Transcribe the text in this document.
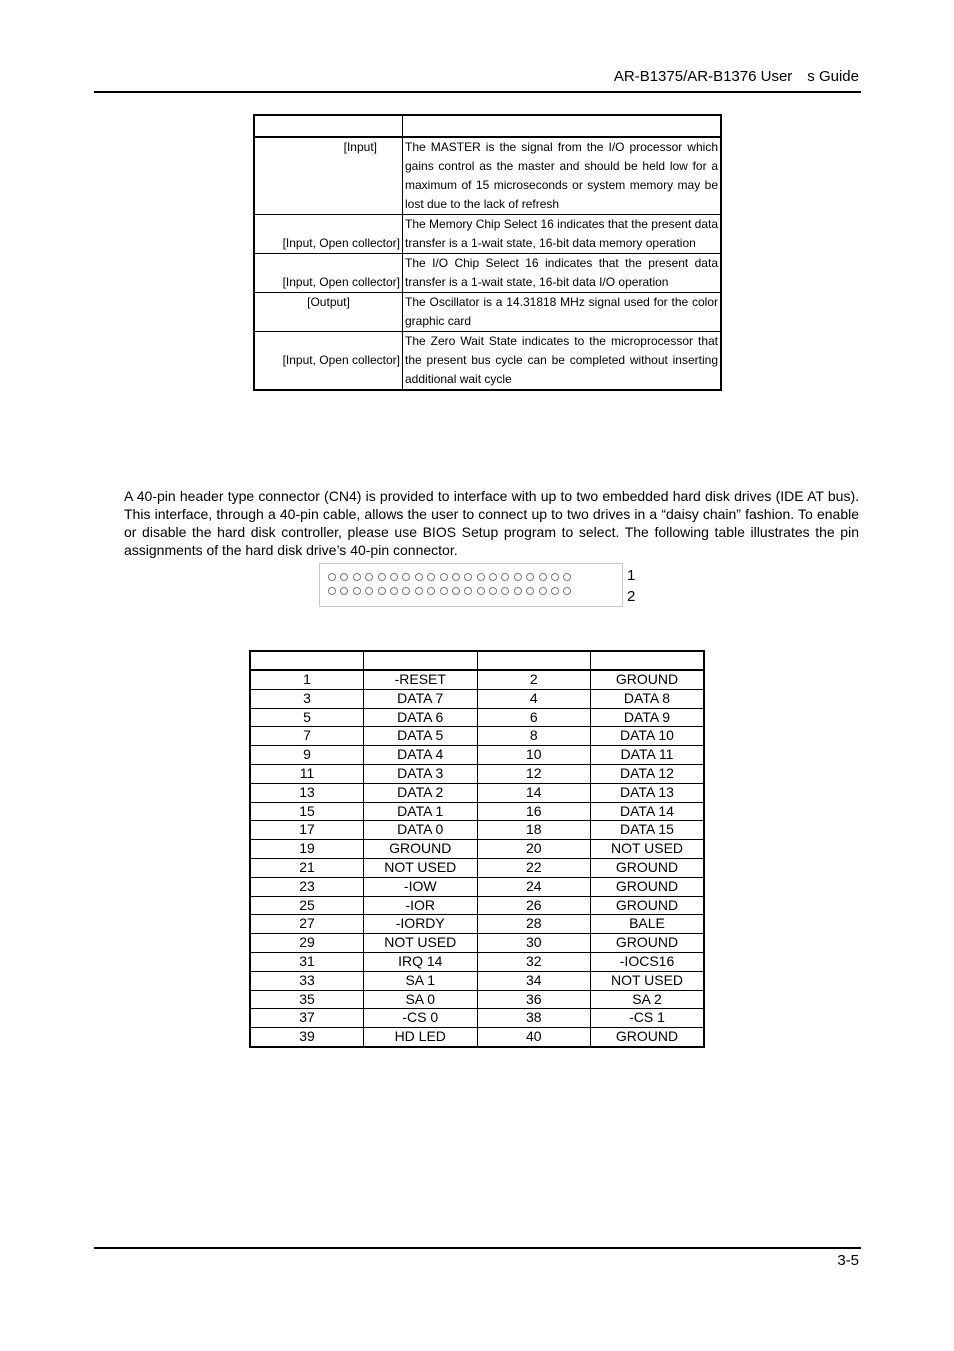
AR-B1375/AR-B1376 User s Guide

[Input]	The MASTER is the signal from the I/O processor which gains control as the master and should be held low for a maximum of 15 microseconds or system memory may be lost due to the lack of refresh
[Input, Open collector]	The Memory Chip Select 16 indicates that the present data transfer is a 1-wait state, 16-bit data memory operation
[Input, Open collector]	The I/O Chip Select 16 indicates that the present data transfer is a 1-wait state, 16-bit data I/O operation
[Output]	The Oscillator is a 14.31818 MHz signal used for the color graphic card
[Input, Open collector]	The Zero Wait State indicates to the microprocessor that the present bus cycle can be completed without inserting additional wait cycle

A 40-pin header type connector (CN4) is provided to interface with up to two embedded hard disk drives (IDE AT bus). This interface, through a 40-pin cable, allows the user to connect up to two drives in a “daisy chain” fashion. To enable or disable the hard disk controller, please use BIOS Setup program to select. The following table illustrates the pin assignments of the hard disk drive’s 40-pin connector.

1
2

1	-RESET	2	GROUND
3	DATA 7	4	DATA 8
5	DATA 6	6	DATA 9
7	DATA 5	8	DATA 10
9	DATA 4	10	DATA 11
11	DATA 3	12	DATA 12
13	DATA 2	14	DATA 13
15	DATA 1	16	DATA 14
17	DATA 0	18	DATA 15
19	GROUND	20	NOT USED
21	NOT USED	22	GROUND
23	-IOW	24	GROUND
25	-IOR	26	GROUND
27	-IORDY	28	BALE
29	NOT USED	30	GROUND
31	IRQ 14	32	-IOCS16
33	SA 1	34	NOT USED
35	SA 0	36	SA 2
37	-CS 0	38	-CS 1
39	HD LED	40	GROUND
3-5
